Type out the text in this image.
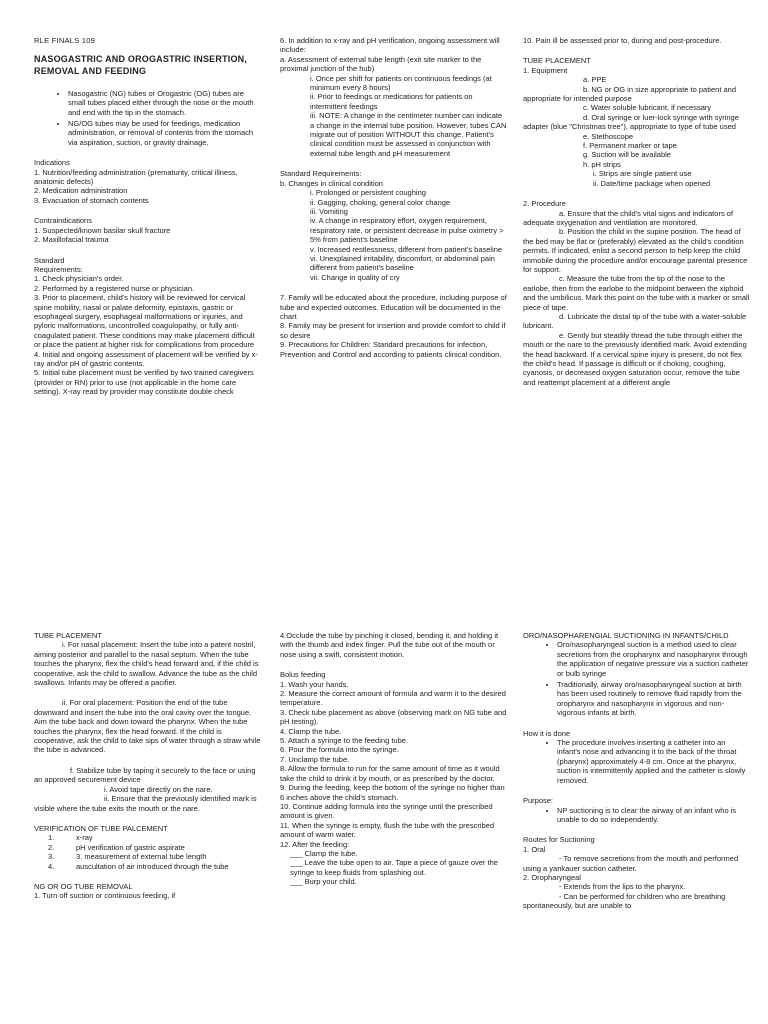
RLE FINALS 109
NASOGASTRIC AND OROGASTRIC INSERTION, REMOVAL AND FEEDING
• Nasogastric (NG) tubes or Orogastric (OG) tubes are small tubes placed either through the nose or the mouth and end with the tip in the stomach.
• NG/OG tubes may be used for feedings, medication administration, or removal of contents from the stomach via aspiration, suction, or gravity drainage.
Indications
1. Nutrition/feeding administration (prematurity, critical illness, anatomic defects)
2. Medication administration
3. Evacuation of stomach contents
Contraindications
1. Suspected/known basilar skull fracture
2. Maxillofacial trauma
Standard Requirements:
1. Check physician's order.
2. Performed by a registered nurse or physician.
3. Prior to placement, child's history will be reviewed for cervical spine mobility, nasal or palate deformity, epistaxis, gastric or esophageal surgery, esophageal malformations or injuries, and pyloric malformations, uncontrolled coagulopathy, or fully anti-coagulated patient. These conditions may make placement difficult or place the patient at higher risk for complications from procedure
4. Initial and ongoing assessment of placement will be verified by x-ray and/or pH of gastric contents.
5. Initial tube placement must be verified by two trained caregivers (provider or RN) prior to use (not applicable in the home care setting). X-ray read by provider may constitute double check
6. In addition to x-ray and pH verification, ongoing assessment will include:
a. Assessment of external tube length (exit site marker to the proximal junction of the hub)
i. Once per shift for patients on continuous feedings (at minimum every 8 hours)
ii. Prior to feedings or medications for patients on intermittent feedings
iii. NOTE: A change in the centimeter number can indicate a change in the internal tube position. However, tubes CAN migrate out of position WITHOUT this change. Patient's clinical condition must be assessed in conjunction with external tube length and pH measurement
Standard Requirements:
b. Changes in clinical condition
i. Prolonged or persistent coughing
ii. Gagging, choking, general color change
iii. Vomiting
iv. A change in respiratory effort, oxygen requirement, respiratory rate, or persistent decrease in pulse oximetry > 5% from patient's baseline
v. Increased restlessness, different from patient's baseline
vi. Unexplained irritability, discomfort, or abdominal pain different from patient's baseline
vii. Change in quality of cry
7. Family will be educated about the procedure, including purpose of tube and expected outcomes. Education will be documented in the chart
8. Family may be present for insertion and provide comfort to child if so desire
9. Precautions for Children: Standard precautions for infection, Prevention and Control and according to patients clinical condition.
10. Pain ill be assessed prior to, during and post-procedure.
TUBE PLACEMENT
1. Equipment
a. PPE
b. NG or OG in size appropriate to patient and appropriate for intended purpose
c. Water soluble lubricant, if necessary
d. Oral syringe or luer-lock syringe with syringe adapter (blue "Christmas tree"), appropriate to type of tube used
e. Stethoscope
f. Permanent marker or tape
g. Suction will be available
h. pH strips
i. Strips are single patient use
ii. Date/time package when opened
2. Procedure
a. Ensure that the child's vital signs and indicators of adequate oxygenation and ventilation are monitored.
b. Position the child in the supine position. The head of the bed may be flat or (preferably) elevated as the child's condition permits. If indicated, enlist a second person to help keep the child immobile during the procedure and/or encourage parental presence for support.
c. Measure the tube from the tip of the nose to the earlobe, then from the earlobe to the midpoint between the xiphoid and the umbilicus. Mark this point on the tube with a marker or small piece of tape.
d. Lubricate the distal tip of the tube with a water-soluble lubricant.
e. Gently but steadily thread the tube through either the mouth or the nare to the previously identified mark. Avoid extending the head backward. If a cervical spine injury is present, do not flex the child's head. If passage is difficult or if choking, coughing, cyanosis, or decreased oxygen saturation occur, remove the tube and reattempt placement at a different angle
TUBE PLACEMENT
i. For nasal placement: Insert the tube into a patent nostril, aiming posterior and parallel to the nasal septum. When the tube touches the pharynx, flex the child's head forward and, if the child is cooperative, ask the child to swallow. Advance the tube as the child swallows. Infants may be offered a pacifier.
ii. For oral placement: Position the end of the tube downward and insert the tube into the oral cavity over the tongue. Aim the tube back and down toward the pharynx. When the tube touches the pharynx, flex the head forward. If the child is cooperative, ask the child to take sips of water through a straw while the tube is advanced.
f. Stabilize tube by taping it securely to the face or using an approved securement device
i. Avoid tape directly on the nare.
ii. Ensure that the previously identified mark is visible where the tube exits the mouth or the nare.
VERIFICATION OF TUBE PALCEMENT
1.	x-ray
2.	pH verification of gastric aspirate
3.	3. measurement of external tube length
4.	auscultation of air introduced through the tube
NG OR OG TUBE REMOVAL
1. Turn off suction or continuous feeding, if
4.Occlude the tube by pinching it closed, bending it, and holding it with the thumb and index finger. Pull the tube out of the mouth or nose using a swift, consistent motion.
Bolus feeding
1. Wash your hands.
2. Measure the correct amount of formula and warm it to the desired temperature.
3. Check tube placement as above (observing mark on NG tube and pH testing).
4. Clamp the tube.
5. Attach a syringe to the feeding tube.
6. Pour the formula into the syringe.
7. Unclamp the tube.
8. Allow the formula to run for the same amount of time as it would take the child to drink it by mouth, or as prescribed by the doctor.
9. During the feeding, keep the bottom of the syringe no higher than 6 inches above the child's stomach.
10. Continue adding formula into the syringe until the prescribed amount is given.
11. When the syringe is empty, flush the tube with the prescribed amount of warm water.
12. After the feeding:
___ Clamp the tube.
___ Leave the tube open to air. Tape a piece of gauze over the syringe to keep fluids from splashing out.
___ Burp your child.
ORO/NASOPHARENGIAL SUCTIONING IN INFANTS/CHILD
• Oro/nasopharyngeal suction is a method used to clear secretions from the oropharynx and nasopharynx through the application of negative pressure via a suction catheter or bulb syringe
• Traditionally, airway oro/nasopharyngeal suction at birth has been used routinely to remove fluid rapidly from the oropharynx and nasopharynx in vigorous and non-vigorous infants at birth.
How it is done
• The procedure involves inserting a catheter into an infant's nose and advancing it to the back of the throat (pharynx) approximately 4-8 cm. Once at the pharynx, suction is intermittently applied and the catheter is slowly removed.
Purpose:
• NP suctioning is to clear the airway of an infant who is unable to do so independently.
Routes for Suctioning
1. Oral
- To remove secretions from the mouth and performed using a yankauer suction catheter.
2. Oropharyngeal
- Extends from the lips to the pharynx.
- Can be performed for children who are breathing spontaneously, but are unable to
